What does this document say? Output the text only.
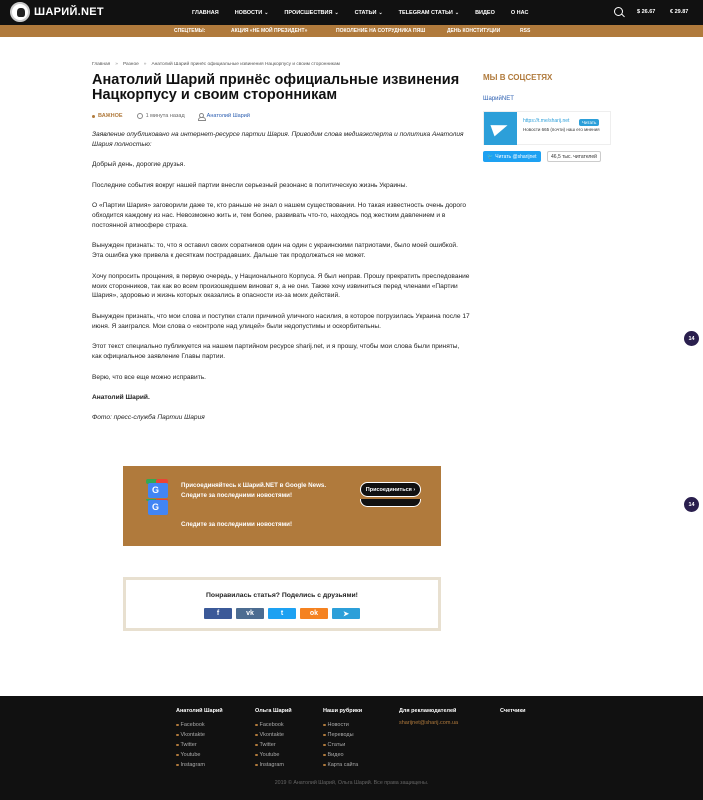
ШАРИЙ.NET	ГЛАВНАЯ	НОВОСТИ ⌄	ПРОИСШЕСТВИЯ ⌄	СТАТЬИ ⌄	TELEGRAM СТАТЬИ ⌄	ВИДЕО	О НАС	$ 26.67	€ 29.87
СПЕЦТЕМЫ:	АКЦИЯ «НЕ МОЙ ПРЕЗИДЕНТ»	ПОКОЛЕНИЕ НА СОТРУДНИКА ПЯШ	ДЕНЬ КОНСТИТУЦИИ	RSS
Главная » Разное » Анатолий Шарий принёс официальные извинения Нацкорпусу и своим сторонникам
Анатолий Шарий принёс официальные извинения Нацкорпусу и своим сторонникам
ВАЖНОЕ	1 минута назад	Анатолий Шарий

Заявление опубликовано на интернет-ресурсе партии Шария. Приводим слова медиаэксперта и политика Анатолия Шария полностью:

Добрый день, дорогие друзья.

Последние события вокруг нашей партии внесли серьезный резонанс в политическую жизнь Украины.

О «Партии Шария» заговорили даже те, кто раньше не знал о нашем существовании. Но такая известность очень дорого обходится каждому из нас. Невозможно жить и, тем более, развивать что-то, находясь под жестким давлением и в постоянной атмосфере страха.

Вынужден признать: то, что я оставил своих соратников один на один с украинскими патриотами, было моей ошибкой. Эта ошибка уже привела к десяткам пострадавших. Дальше так продолжаться не может.

Хочу попросить прощения, в первую очередь, у Национального Корпуса. Я был неправ. Прошу прекратить преследование моих сторонников, так как во всем произошедшем виноват я, а не они. Также хочу извиниться перед членами «Партии Шария», здоровью и жизнь которых оказались в опасности из-за моих действий.

Вынужден признать, что мои слова и поступки стали причиной уличного насилия, в которое погрузилась Украина после 17 июня. Я заигрался. Мои слова о «контроле над улицей» были недопустимы и оскорбительны.

Этот текст специально публикуется на нашем партийном ресурсе sharij.net, и я прошу, чтобы мои слова были приняты, как официальное заявление Главы партии.

Верю, что все еще можно исправить.

Анатолий Шарий.

Фото: пресс-служба Партии Шария

G	Присоединяйтесь к Шарий.NET в Google News.
Следите за последними новостями!
Присоединиться ›
G
Следите за последними новостями!
Понравилась статья? Поделись с друзьями!
f	vk	t	ok	➤
МЫ В СОЦСЕТЯХ
ШарийNET
https://t.me/sharij.net	Читать
Новости 665 (почти) наш его мнения
🐦 Читать @sharijnet	46,5 тыс. читателей
14
14
Анатолий Шарий
Facebook
Vkontakte
Twitter
Youtube
Instagram
Ольга Шарий
Facebook
Vkontakte
Twitter
Youtube
Instagram
Наши рубрики
Новости
Переводы
Статьи
Видео
Карта сайта
Для рекламодателей
sharijnet@sharij.com.ua
Счетчики
2019 © Анатолий Шарий, Ольга Шарий. Все права защищены.
